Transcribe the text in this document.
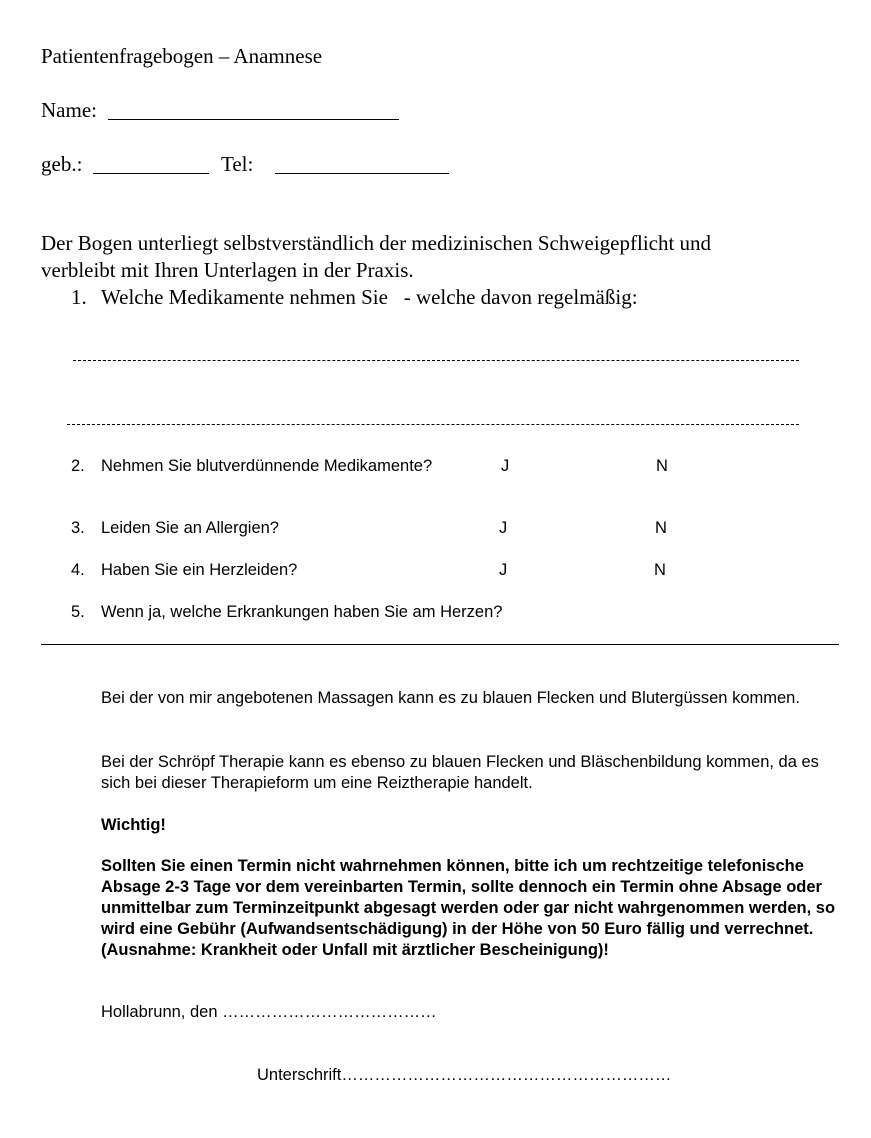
Patientenfragebogen – Anamnese
Name:
geb.:	Tel:
Der Bogen unterliegt selbstverständlich der medizinischen Schweigepflicht und
verbleibt mit Ihren Unterlagen in der Praxis.
1. Welche Medikamente nehmen Sie   - welche davon regelmäßig:
2. Nehmen Sie blutverdünnende Medikamente?	J	N
3. Leiden Sie an Allergien?	J	N
4. Haben Sie ein Herzleiden?	J	N
5. Wenn ja, welche Erkrankungen haben Sie am Herzen?
Bei der von mir angebotenen Massagen kann es zu blauen Flecken und Blutergüssen kommen.
Bei der Schröpf Therapie kann es ebenso zu blauen Flecken und Bläschenbildung kommen, da es sich bei dieser Therapieform um eine Reiztherapie handelt.
Wichtig!
Sollten Sie einen Termin nicht wahrnehmen können, bitte ich um rechtzeitige telefonische Absage 2-3 Tage vor dem vereinbarten Termin, sollte dennoch ein Termin ohne Absage oder unmittelbar zum Terminzeitpunkt abgesagt werden oder gar nicht wahrgenommen werden, so wird eine Gebühr (Aufwandsentschädigung) in der Höhe von 50 Euro fällig und verrechnet. (Ausnahme: Krankheit oder Unfall mit ärztlicher Bescheinigung)!
Hollabrunn, den …………………………………
Unterschrift……………………………………………………
